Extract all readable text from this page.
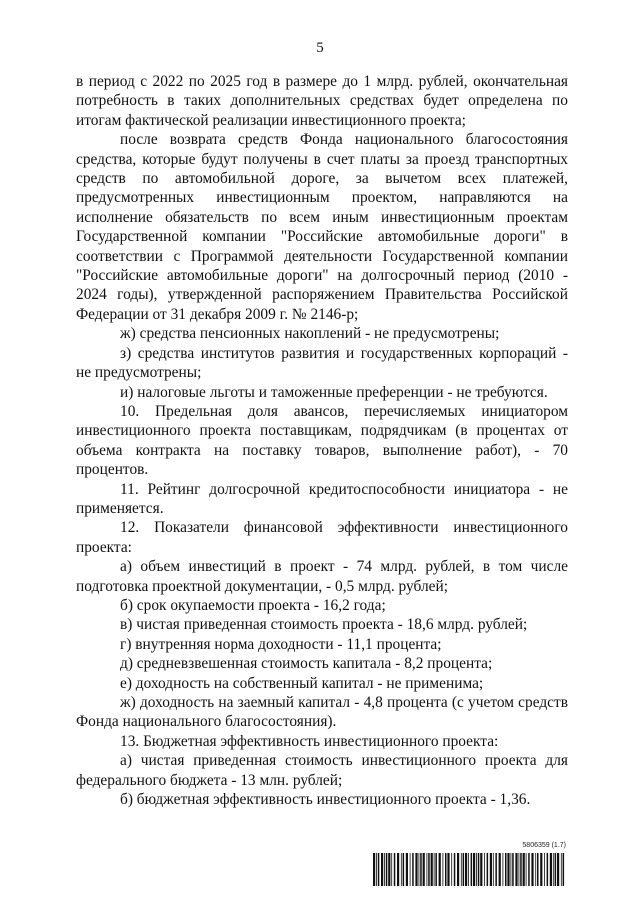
5

в период с 2022 по 2025 год в размере до 1 млрд. рублей, окончательная потребность в таких дополнительных средствах будет определена по итогам фактической реализации инвестиционного проекта;

после возврата средств Фонда национального благосостояния средства, которые будут получены в счет платы за проезд транспортных средств по автомобильной дороге, за вычетом всех платежей, предусмотренных инвестиционным проектом, направляются на исполнение обязательств по всем иным инвестиционным проектам Государственной компании "Российские автомобильные дороги" в соответствии с Программой деятельности Государственной компании "Российские автомобильные дороги" на долгосрочный период (2010 - 2024 годы), утвержденной распоряжением Правительства Российской Федерации от 31 декабря 2009 г. № 2146-р;

ж) средства пенсионных накоплений - не предусмотрены;

з) средства институтов развития и государственных корпораций - не предусмотрены;

и) налоговые льготы и таможенные преференции - не требуются.

10. Предельная доля авансов, перечисляемых инициатором инвестиционного проекта поставщикам, подрядчикам (в процентах от объема контракта на поставку товаров, выполнение работ), - 70 процентов.

11. Рейтинг долгосрочной кредитоспособности инициатора - не применяется.

12. Показатели финансовой эффективности инвестиционного проекта:

а) объем инвестиций в проект - 74 млрд. рублей, в том числе подготовка проектной документации, - 0,5 млрд. рублей;

б) срок окупаемости проекта - 16,2 года;

в) чистая приведенная стоимость проекта - 18,6 млрд. рублей;

г) внутренняя норма доходности - 11,1 процента;

д) средневзвешенная стоимость капитала - 8,2 процента;

е) доходность на собственный капитал - не применима;

ж) доходность на заемный капитал - 4,8 процента (с учетом средств Фонда национального благосостояния).

13. Бюджетная эффективность инвестиционного проекта:

а) чистая приведенная стоимость инвестиционного проекта для федерального бюджета - 13 млн. рублей;

б) бюджетная эффективность инвестиционного проекта - 1,36.

5806359 (1.7)
